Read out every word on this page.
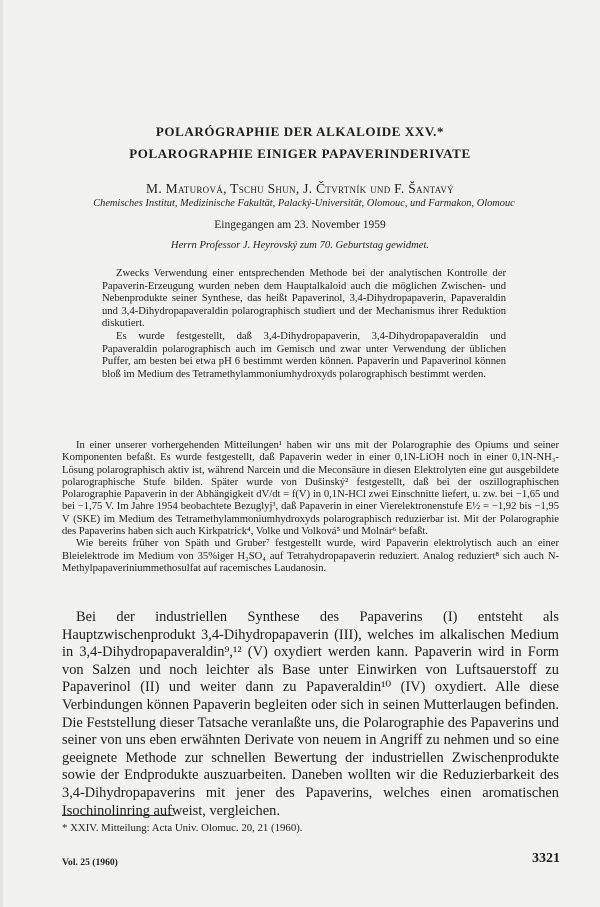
POLARÓGRAPHIE DER ALKALOIDE XXV.*
POLAROGRAPHIE EINIGER PAPAVERINDERIVATE
M. Maturová, Tschu Shun, J. Čtvrtník und F. Šantavý
Chemisches Institut, Medizinische Fakultät, Palacký-Universität, Olomouc, und Farmakon, Olomouc
Eingegangen am 23. November 1959
Herrn Professor J. Heyrovský zum 70. Geburtstag gewidmet.

Zwecks Verwendung einer entsprechenden Methode bei der analytischen Kontrolle der Papaverin-Erzeugung wurden neben dem Hauptalkaloid auch die möglichen Zwischen- und Nebenprodukte seiner Synthese, das heißt Papaverinol, 3,4-Dihydropapaverin, Papaveraldin und 3,4-Dihydropapaveraldin polarographisch studiert und der Mechanismus ihrer Reduktion diskutiert.

Es wurde festgestellt, daß 3,4-Dihydropapaverin, 3,4-Dihydropapaveraldin und Papaveraldin polarographisch auch im Gemisch und zwar unter Verwendung der üblichen Puffer, am besten bei etwa pH 6 bestimmt werden können. Papaverin und Papaverinol können bloß im Medium des Tetramethylammoniumhydroxyds polarographisch bestimmt werden.

In einer unserer vorhergehenden Mitteilungen¹ haben wir uns mit der Polarographie des Opiums und seiner Komponenten befaßt. Es wurde festgestellt, daß Papaverin weder in einer 0,1N-LiOH noch in einer 0,1N-NH₃-Lösung polarographisch aktiv ist, während Narcein und die Meconsäure in diesen Elektrolyten eine gut ausgebildete polarographische Stufe bilden. Später wurde von Dušinský² festgestellt, daß bei der oszillographischen Polarographie Papaverin in der Abhängigkeit dV/dt = f(V) in 0,1N-HCl zwei Einschnitte liefert, u. zw. bei −1,65 und bei −1,75 V. Im Jahre 1954 beobachtete Bezuglyj³, daß Papaverin in einer Vierelektronenstufe E½ = −1,92 bis −1,95 V (SKE) im Medium des Tetramethylammoniumhydroxyds polarographisch reduzierbar ist. Mit der Polarographie des Papaverins haben sich auch Kirkpatrick⁴, Volke und Volková⁵ und Molnár⁶ befaßt.

Wie bereits früher von Späth und Gruber⁷ festgestellt wurde, wird Papaverin elektrolytisch auch an einer Bleielektrode im Medium von 35%iger H₂SO₄ auf Tetrahydropapaverin reduziert. Analog reduziert⁸ sich auch N-Methylpapaveriniummethosulfat auf racemisches Laudanosin.

Bei der industriellen Synthese des Papaverins (I) entsteht als Hauptzwischenprodukt 3,4-Dihydropapaverin (III), welches im alkalischen Medium in 3,4-Dihydropapaveraldin⁹,¹² (V) oxydiert werden kann. Papaverin wird in Form von Salzen und noch leichter als Base unter Einwirken von Luftsauerstoff zu Papaverinol (II) und weiter dann zu Papaveraldin¹⁰ (IV) oxydiert. Alle diese Verbindungen können Papaverin begleiten oder sich in seinen Mutterlaugen befinden. Die Feststellung dieser Tatsache veranlaßte uns, die Polarographie des Papaverins und seiner von uns eben erwähnten Derivate von neuem in Angriff zu nehmen und so eine geeignete Methode zur schnellen Bewertung der industriellen Zwischenprodukte sowie der Endprodukte auszuarbeiten. Daneben wollten wir die Reduzierbarkeit des 3,4-Dihydropapaverins mit jener des Papaverins, welches einen aromatischen Isochinolinring aufweist, vergleichen.

* XXIV. Mitteilung: Acta Univ. Olomuc. 20, 21 (1960).
Vol. 25 (1960)	3321
